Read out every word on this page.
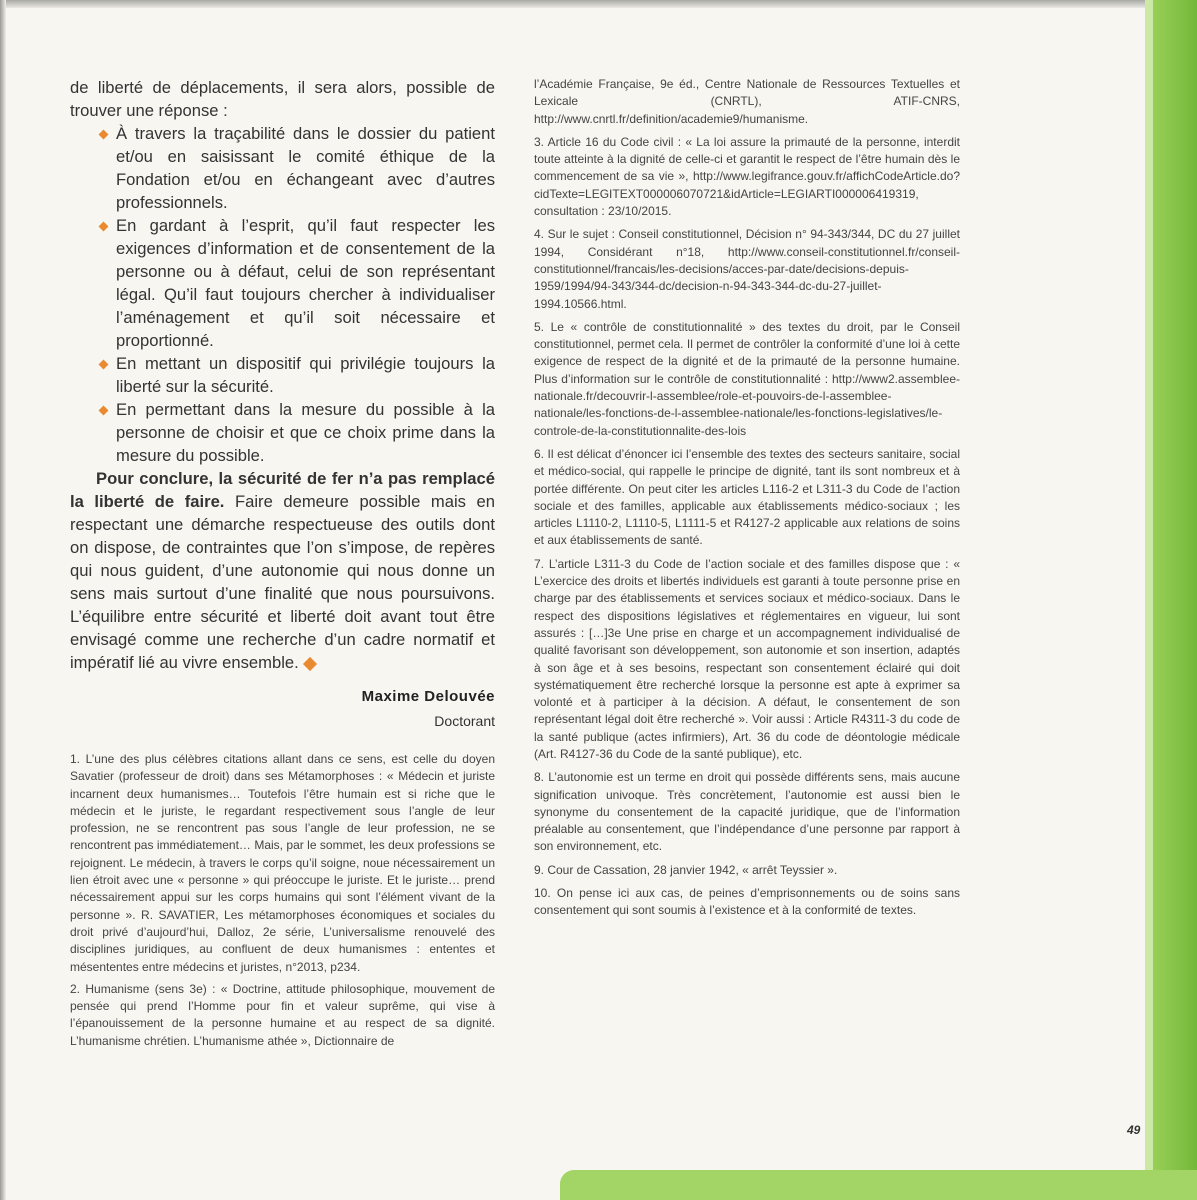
de liberté de déplacements, il sera alors, possible de trouver une réponse :

À travers la traçabilité dans le dossier du patient et/ou en saisissant le comité éthique de la Fondation et/ou en échangeant avec d’autres professionnels.
En gardant à l’esprit, qu’il faut respecter les exigences d’information et de consentement de la personne ou à défaut, celui de son représentant légal. Qu’il faut toujours chercher à individualiser l’aménagement et qu’il soit nécessaire et proportionné.
En mettant un dispositif qui privilégie toujours la liberté sur la sécurité.
En permettant dans la mesure du possible à la personne de choisir et que ce choix prime dans la mesure du possible.

Pour conclure, la sécurité de fer n’a pas remplacé la liberté de faire. Faire demeure possible mais en respectant une démarche respectueuse des outils dont on dispose, de contraintes que l’on s’impose, de repères qui nous guident, d’une autonomie qui nous donne un sens mais surtout d’une finalité que nous poursuivons. L’équilibre entre sécurité et liberté doit avant tout être envisagé comme une recherche d’un cadre normatif et impératif lié au vivre ensemble.

Maxime Delouvée
Doctorant

1. L’une des plus célèbres citations allant dans ce sens, est celle du doyen Savatier (professeur de droit) dans ses Métamorphoses : « Médecin et juriste incarnent deux humanismes… Toutefois l’être humain est si riche que le médecin et le juriste, le regardant respectivement sous l’angle de leur profession, ne se rencontrent pas sous l’angle de leur profession, ne se rencontrent pas immédiatement… Mais, par le sommet, les deux professions se rejoignent. Le médecin, à travers le corps qu’il soigne, noue nécessairement un lien étroit avec une « personne » qui préoccupe le juriste. Et le juriste… prend nécessairement appui sur les corps humains qui sont l’élément vivant de la personne ». R. SAVATIER, Les métamorphoses économiques et sociales du droit privé d’aujourd’hui, Dalloz, 2e série, L’universalisme renouvelé des disciplines juridiques, au confluent de deux humanismes : ententes et mésententes entre médecins et juristes, n°2013, p234.

2. Humanisme (sens 3e) : « Doctrine, attitude philosophique, mouvement de pensée qui prend l’Homme pour fin et valeur suprême, qui vise à l’épanouissement de la personne humaine et au respect de sa dignité. L’humanisme chrétien. L’humanisme athée », Dictionnaire de

l’Académie Française, 9e éd., Centre Nationale de Ressources Textuelles et Lexicale (CNRTL), ATIF-CNRS, http://www.cnrtl.fr/definition/academie9/humanisme.

3. Article 16 du Code civil : « La loi assure la primauté de la personne, interdit toute atteinte à la dignité de celle-ci et garantit le respect de l’être humain dès le commencement de sa vie », http://www.legifrance.gouv.fr/affichCodeArticle.do?cidTexte=LEGITEXT000006070721&idArticle=LEGIARTI000006419319, consultation : 23/10/2015.

4. Sur le sujet : Conseil constitutionnel, Décision n° 94-343/344, DC du 27 juillet 1994, Considérant n°18, http://www.conseil-constitutionnel.fr/conseil-constitutionnel/francais/les-decisions/acces-par-date/decisions-depuis-1959/1994/94-343/344-dc/decision-n-94-343-344-dc-du-27-juillet-1994.10566.html.

5. Le « contrôle de constitutionnalité » des textes du droit, par le Conseil constitutionnel, permet cela. Il permet de contrôler la conformité d’une loi à cette exigence de respect de la dignité et de la primauté de la personne humaine. Plus d’information sur le contrôle de constitutionnalité : http://www2.assemblee-nationale.fr/decouvrir-l-assemblee/role-et-pouvoirs-de-l-assemblee-nationale/les-fonctions-de-l-assemblee-nationale/les-fonctions-legislatives/le-controle-de-la-constitutionnalite-des-lois

6. Il est délicat d’énoncer ici l’ensemble des textes des secteurs sanitaire, social et médico-social, qui rappelle le principe de dignité, tant ils sont nombreux et à portée différente. On peut citer les articles L116-2 et L311-3 du Code de l’action sociale et des familles, applicable aux établissements médico-sociaux ; les articles L1110-2, L1110-5, L1111-5 et R4127-2 applicable aux relations de soins et aux établissements de santé.

7. L’article L311-3 du Code de l’action sociale et des familles dispose que : « L’exercice des droits et libertés individuels est garanti à toute personne prise en charge par des établissements et services sociaux et médico-sociaux. Dans le respect des dispositions législatives et réglementaires en vigueur, lui sont assurés : […]3e Une prise en charge et un accompagnement individualisé de qualité favorisant son développement, son autonomie et son insertion, adaptés à son âge et à ses besoins, respectant son consentement éclairé qui doit systématiquement être recherché lorsque la personne est apte à exprimer sa volonté et à participer à la décision. A défaut, le consentement de son représentant légal doit être recherché ». Voir aussi : Article R4311-3 du code de la santé publique (actes infirmiers), Art. 36 du code de déontologie médicale (Art. R4127-36 du Code de la santé publique), etc.

8. L’autonomie est un terme en droit qui possède différents sens, mais aucune signification univoque. Très concrètement, l’autonomie est aussi bien le synonyme du consentement de la capacité juridique, que de l’information préalable au consentement, que l’indépendance d’une personne par rapport à son environnement, etc.

9. Cour de Cassation, 28 janvier 1942, « arrêt Teyssier ».

10. On pense ici aux cas, de peines d’emprisonnements ou de soins sans consentement qui sont soumis à l’existence et à la conformité de textes.

49
